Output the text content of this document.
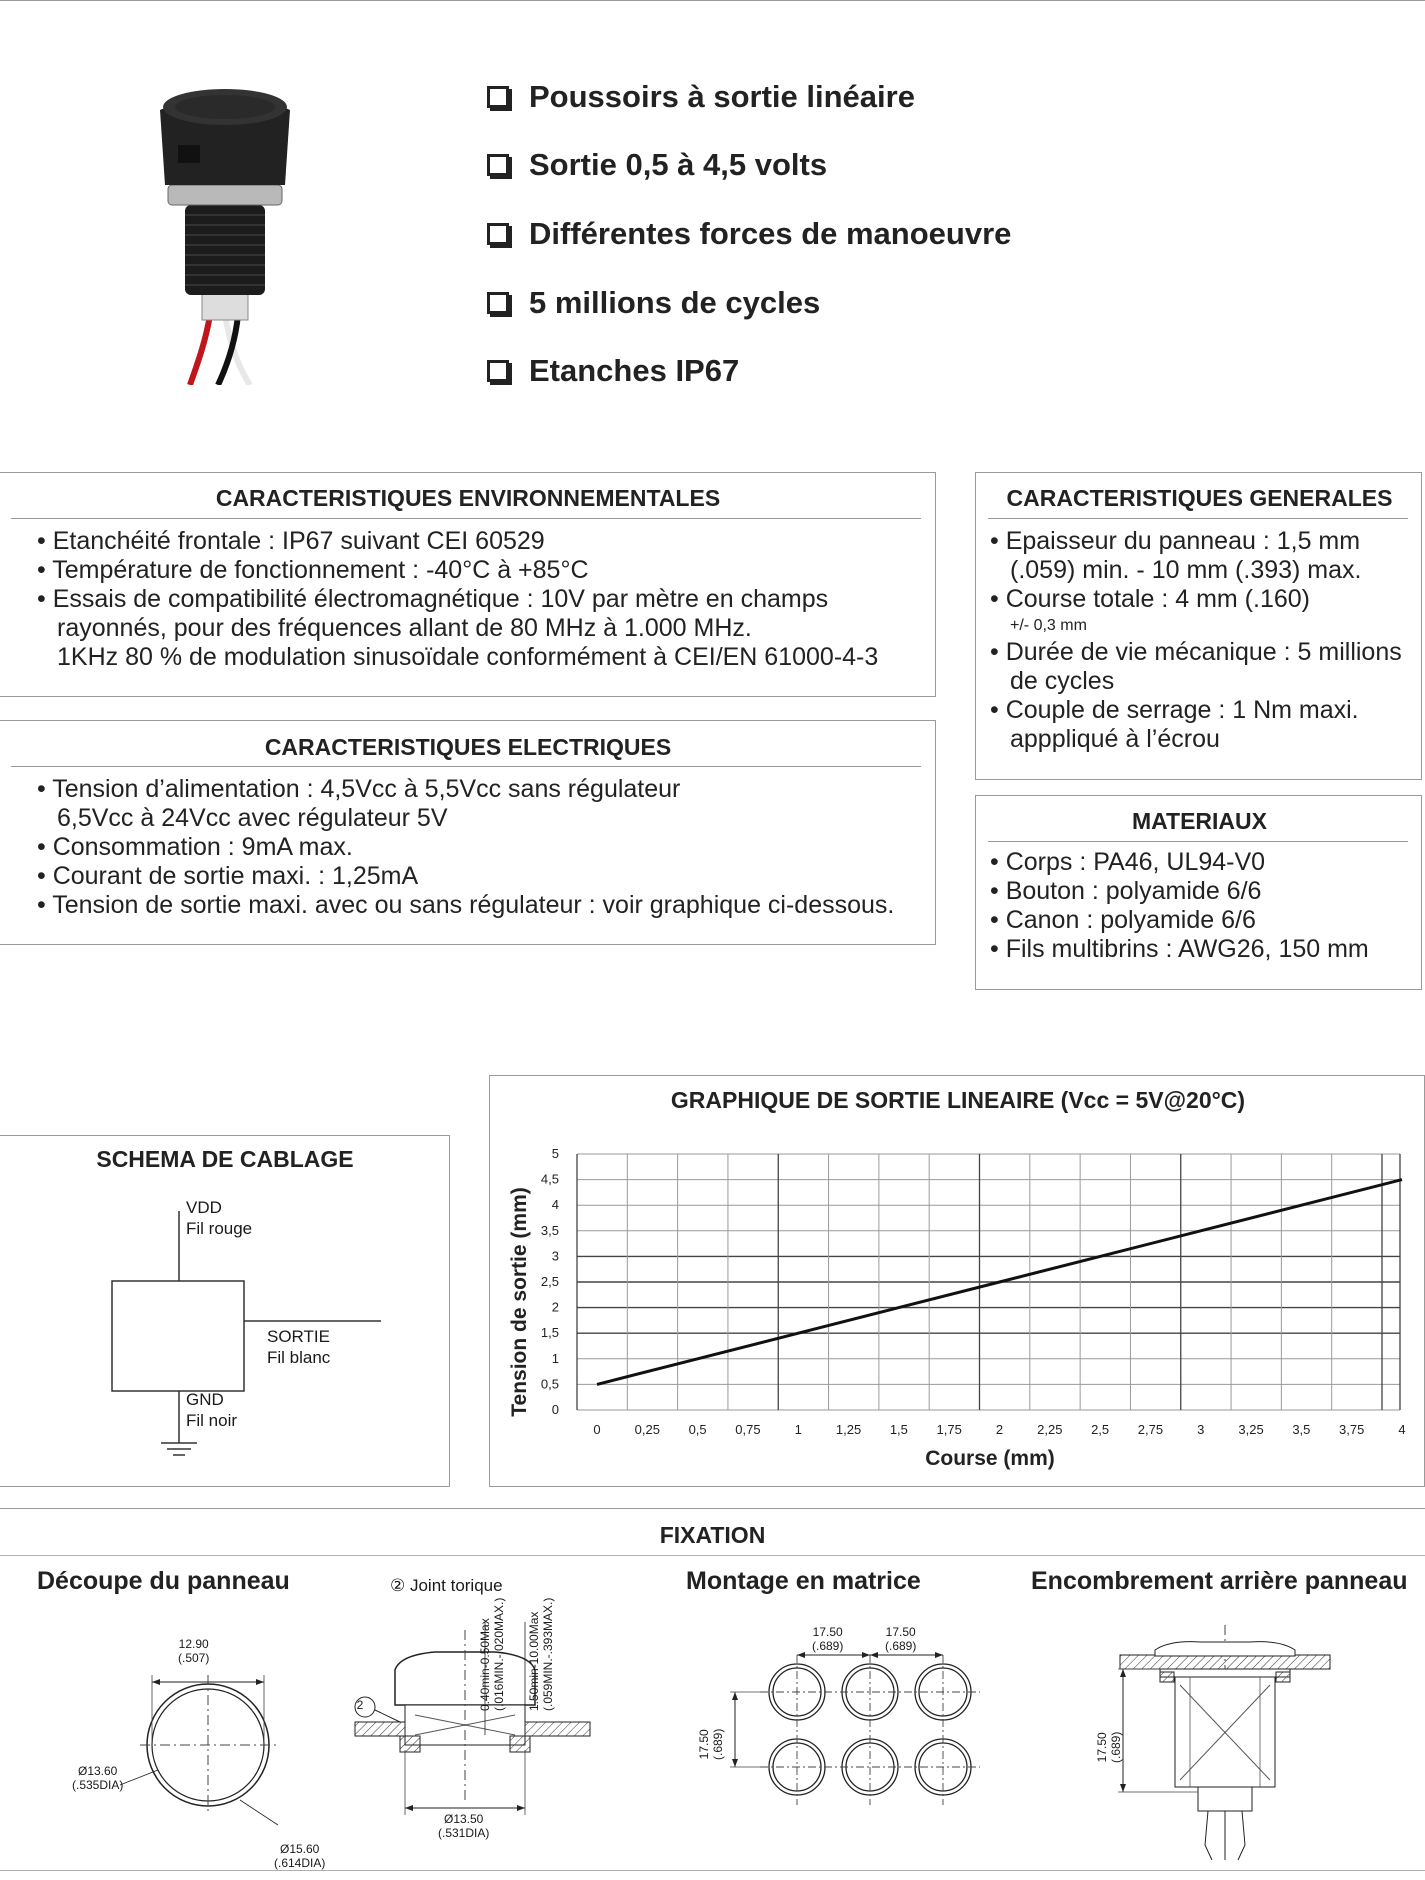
Poussoirs à sortie linéaire
Sortie 0,5 à 4,5 volts
Différentes forces de manoeuvre
5 millions de cycles
Etanches IP67
CARACTERISTIQUES ENVIRONNEMENTALES
• Etanchéité frontale : IP67 suivant CEI 60529
• Température de fonctionnement : -40°C à +85°C
• Essais de compatibilité électromagnétique : 10V par mètre en champs
rayonnés, pour des fréquences allant de 80 MHz à 1.000 MHz.
1KHz 80 % de modulation sinusoïdale conformément à CEI/EN 61000-4-3
CARACTERISTIQUES ELECTRIQUES
• Tension d’alimentation : 4,5Vcc à 5,5Vcc sans régulateur
6,5Vcc à 24Vcc avec régulateur 5V
• Consommation : 9mA max.
• Courant de sortie maxi. : 1,25mA
• Tension de sortie maxi. avec ou sans régulateur : voir graphique ci-dessous.
CARACTERISTIQUES GENERALES
• Epaisseur du panneau : 1,5 mm
(.059) min. - 10 mm (.393) max.
• Course totale : 4 mm (.160)
+/- 0,3 mm
• Durée de vie mécanique : 5 millions
de cycles
• Couple de serrage : 1 Nm maxi.
apppliqué à l’écrou
MATERIAUX
• Corps : PA46, UL94-V0
• Bouton : polyamide 6/6
• Canon : polyamide 6/6
• Fils multibrins : AWG26, 150 mm
SCHEMA DE CABLAGE
VDD
Fil rouge
SORTIE
Fil blanc
GND
Fil noir
GRAPHIQUE DE SORTIE LINEAIRE (Vcc = 5V@20°C)
0
0,5
1
1,5
2
2,5
3
3,5
4
4,5
5
0	0,25 0,5 0,75	1	1,25 1,5 1,75	2	2,25 2,5 2,75	3	3,25 3,5 3,75	4
Course (mm)
Tension de sortie (mm)
FIXATION
Découpe du panneau	② Joint torique	Montage en matrice	Encombrement arrière panneau
12.90
(.507)
Ø13.60
(.535DIA)
Ø15.60
(.614DIA)
2
Ø13.50
(.531DIA)
0.40min-0.50Max (.016MIN.-.020MAX.) 1.50min-10.00Max (.059MIN.-.393MAX.)	17.50
(.689)
17.50
(.689)
17.50 (.689)	17.50 (.689)
